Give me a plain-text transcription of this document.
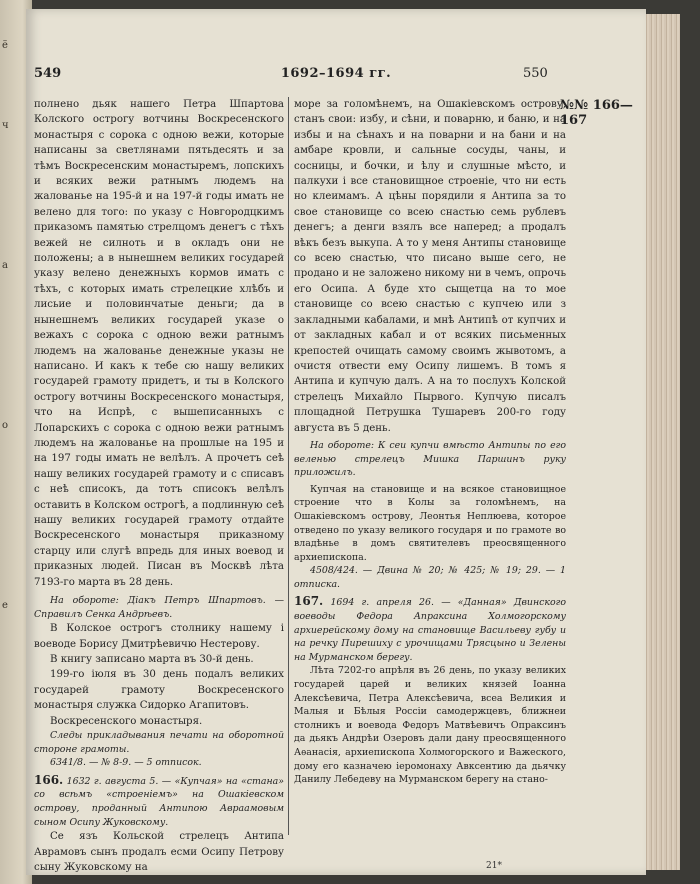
ё
ч
а
о
е
549	1692–1694 гг.	550
№№ 166—167

полнено дьяк нашего Петра Шпартова Колского острогу вотчины Воскресенского монастыря с сорока с одною вежи, которые написаны за светлянами пятьдесять и за тѣмъ Воскресенским монастыремъ, лопскихъ и всяких вежи ратнымъ людемъ на жалованье на 195-й и на 197-й годы имать не велено для того: по указу с Новгородцкимъ приказомъ памятью стрелцомъ денегъ с тѣхъ вежей не силноть и в окладъ они не положены; а в нынешнем великих государей указу велено денежныхъ кормов имать с тѣхъ, с которых имать стрелецкие хлѣбъ и лисьие и половинчатые деньги; да в нынешнемъ великих государей указе о вежахъ с сорока с одною вежи ратнымъ людемъ на жалованье денежные указы не написано. И какъ к тебе сю нашу великих государей грамоту придетъ, и ты в Колского острогу вотчины Воскресенского монастыря, что на Испрѣ, с вышеписанныхъ с Лопарскихъ с сорока с одною вежи ратнымъ людемъ на жалованье на прошлые на 195 и на 197 годы имать не велѣлъ. А прочетъ сеѣ нашу великих государей грамоту и с списавъ с неѣ списокъ, да тотъ списокъ велѣлъ оставить в Колском острогѣ, а подлинную сеѣ нашу великих государей грамоту отдайте Воскресенского монастыря приказному старцу или слугѣ впредь для иных воевод и приказных людей. Писан въ Москвѣ лѣта 7193-го марта въ 28 день.

На обороте: Діакъ Петръ Шпартовъ. — Справилъ Сенка Андрѣевъ.

В Колское острогъ столнику нашему і воеводе Борису Дмитрѣевичю Нестерову.

В книгу записано марта въ 30-й день.

199-го іюля въ 30 день подалъ великих государей грамоту Воскресенского монастыря служка Сидорко Агапитовъ.

Воскресенского монастыря.

Следы прикладывания печати на оборотной стороне грамоты.

6341/8. — № 8-9. — 5 отписок.

166. 1632 г. августа 5. — «Купчая» на «стана» со всѣмъ «строеніемъ» на Ошакіевском острову, проданный Антипою Авраамовым сыном Осипу Жуковскому.

Се язъ Кольской стрелецъ Антипа Аврамовъ сынъ продалъ есми Осипу Петрову сыну Жуковскому на

море за голомѣнемъ, на Ошакіевскомъ острову, станъ свои: избу, и сѣни, и поварню, и баню, и на избы и на сѣнахъ и на поварни и на бани и на амбаре кровли, и сальные сосуды, чаны, и сосницы, и бочки, и ѣлу и слушные мѣсто, и палкухи і все становищное строеніе, что ни есть но клеимамъ. А цѣны порядили я Антипа за то свое становище со всею снастью семь рублевъ денегъ; а денги взялъ все наперед; а продалъ вѣкъ безъ выкупа. А то у меня Антипы становище со всею снастью, что писано выше сего, не продано и не заложено никому ни в чемъ, опрочь его Осипа. А буде хто сыщетца на то мое становище со всею снастью с купчею или з закладными кабалами, и мнѣ Антипѣ от купчих и от закладных кабал и от всяких письменных крепостей очищать самому своимъ жывотомъ, а очистя отвести ему Осипу лишемъ. В томъ я Антипа и купчую далъ. А на то послухъ Колской стрелецъ Михайло Пырвого. Купчую писалъ площадной Петрушка Тушаревъ 200-го году августа въ 5 день.

На обороте: К сеи купчи вмѣсто Антипы по его веленью стрелецъ Мишка Паршинъ руку приложилъ.

Купчая на становище и на всякое становищное строение что в Колы за голомѣнемъ, на Ошакіевскомъ острову, Леонтья Неплюева, которое отведено по указу великого государя и по грамоте во владѣнье в домъ святителевъ преосвященного архиепископа.

4508/424. — Двина № 20; № 425; № 19; 29. — 1 отписка.

167. 1694 г. апреля 26. — «Данная» Двинского воеводы Федора Апраксина Холмогорскому архиерейскому дому на становище Васильеву губу и на речку Пирешиху с урочищами Трясцыно и Зелены на Мурманском берегу.

Лѣта 7202-го апрѣля въ 26 день, по указу великих государей царей и великих князей Іоанна Алексѣевича, Петра Алексѣевича, всеа Великия и Малыя и Бѣлыя Россіи самодержцевъ, ближнеи столникъ и воевода Федоръ Матвѣевичъ Опраксинъ да дьякъ Андрѣи Озеровъ дали дану преосвященного Аѳанасія, архиепископа Холмогорского и Важеского, дому его казначею іеромонаху Авксентию да дьячку Данилу Лебедеву на Мурманском берегу на стано-

21*
